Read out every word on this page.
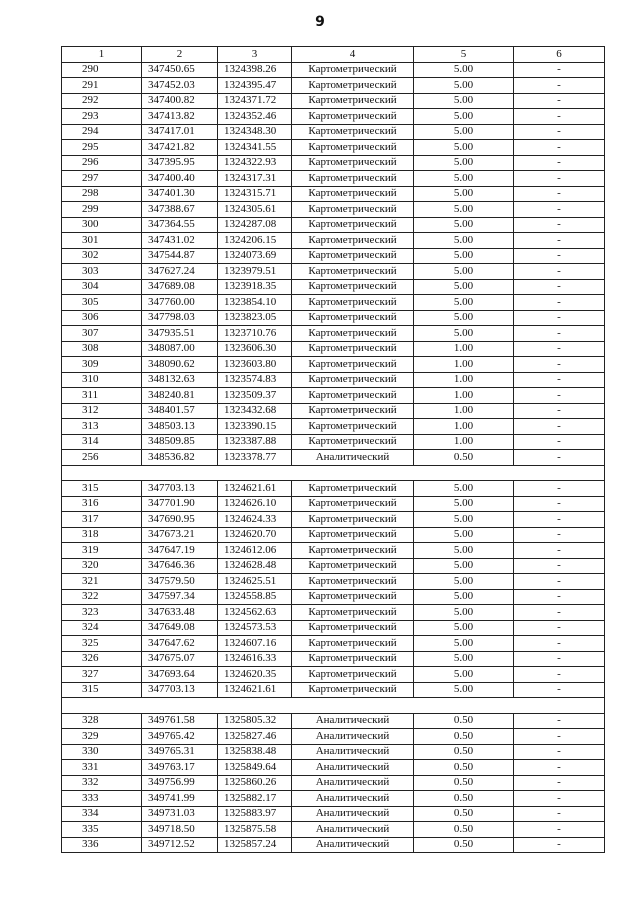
9
1	2	3	4	5	6
290	347450.65	1324398.26	Картометрический	5.00	-
291	347452.03	1324395.47	Картометрический	5.00	-
292	347400.82	1324371.72	Картометрический	5.00	-
293	347413.82	1324352.46	Картометрический	5.00	-
294	347417.01	1324348.30	Картометрический	5.00	-
295	347421.82	1324341.55	Картометрический	5.00	-
296	347395.95	1324322.93	Картометрический	5.00	-
297	347400.40	1324317.31	Картометрический	5.00	-
298	347401.30	1324315.71	Картометрический	5.00	-
299	347388.67	1324305.61	Картометрический	5.00	-
300	347364.55	1324287.08	Картометрический	5.00	-
301	347431.02	1324206.15	Картометрический	5.00	-
302	347544.87	1324073.69	Картометрический	5.00	-
303	347627.24	1323979.51	Картометрический	5.00	-
304	347689.08	1323918.35	Картометрический	5.00	-
305	347760.00	1323854.10	Картометрический	5.00	-
306	347798.03	1323823.05	Картометрический	5.00	-
307	347935.51	1323710.76	Картометрический	5.00	-
308	348087.00	1323606.30	Картометрический	1.00	-
309	348090.62	1323603.80	Картометрический	1.00	-
310	348132.63	1323574.83	Картометрический	1.00	-
311	348240.81	1323509.37	Картометрический	1.00	-
312	348401.57	1323432.68	Картометрический	1.00	-
313	348503.13	1323390.15	Картометрический	1.00	-
314	348509.85	1323387.88	Картометрический	1.00	-
256	348536.82	1323378.77	Аналитический	0.50	-

315	347703.13	1324621.61	Картометрический	5.00	-
316	347701.90	1324626.10	Картометрический	5.00	-
317	347690.95	1324624.33	Картометрический	5.00	-
318	347673.21	1324620.70	Картометрический	5.00	-
319	347647.19	1324612.06	Картометрический	5.00	-
320	347646.36	1324628.48	Картометрический	5.00	-
321	347579.50	1324625.51	Картометрический	5.00	-
322	347597.34	1324558.85	Картометрический	5.00	-
323	347633.48	1324562.63	Картометрический	5.00	-
324	347649.08	1324573.53	Картометрический	5.00	-
325	347647.62	1324607.16	Картометрический	5.00	-
326	347675.07	1324616.33	Картометрический	5.00	-
327	347693.64	1324620.35	Картометрический	5.00	-
315	347703.13	1324621.61	Картометрический	5.00	-

328	349761.58	1325805.32	Аналитический	0.50	-
329	349765.42	1325827.46	Аналитический	0.50	-
330	349765.31	1325838.48	Аналитический	0.50	-
331	349763.17	1325849.64	Аналитический	0.50	-
332	349756.99	1325860.26	Аналитический	0.50	-
333	349741.99	1325882.17	Аналитический	0.50	-
334	349731.03	1325883.97	Аналитический	0.50	-
335	349718.50	1325875.58	Аналитический	0.50	-
336	349712.52	1325857.24	Аналитический	0.50	-
